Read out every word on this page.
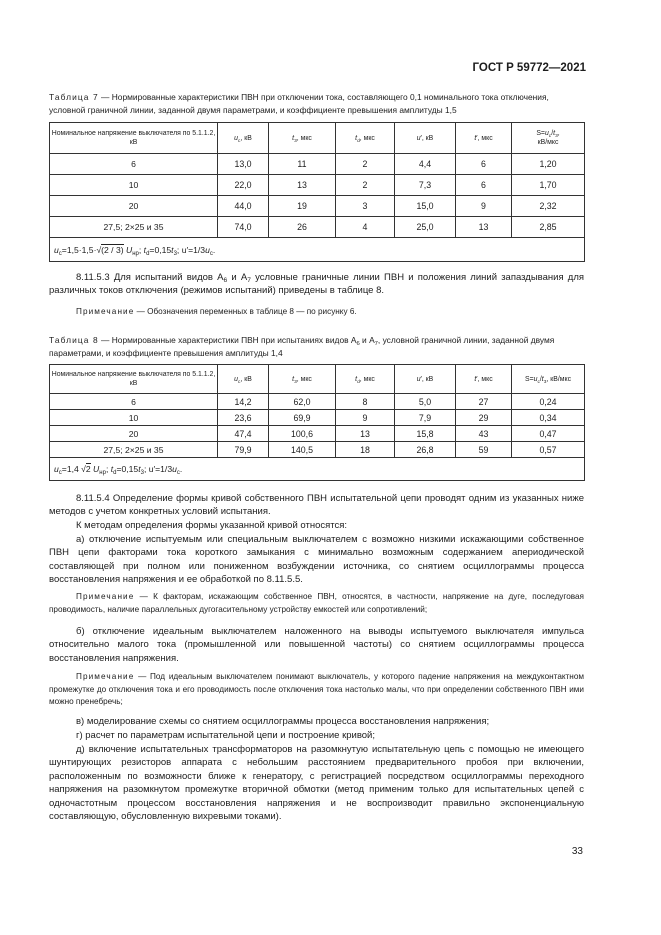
ГОСТ Р 59772—2021
Таблица 7 — Нормированные характеристики ПВН при отключении тока, составляющего 0,1 номинального тока отключения, условной граничной линии, заданной двумя параметрами, и коэффициенте превышения амплитуды 1,5
Номинальное напряжение выключателя по 5.1.1.2, кВ	$u_c$, кВ	$t_3$, мкс	$t_d$, мкс	u′, кВ	t′, мкс	$S=u_c/t_3$,
кВ/мкс
6	13,0	11	2	4,4	6	1,20
10	22,0	13	2	7,3	6	1,70
20	44,0	19	3	15,0	9	2,32
27,5; 2×25 и 35	74,0	26	4	25,0	13	2,85
$u_c=1,5\cdot 1,5\cdot√(2 / 3)$ $U_{нр}$; $t_d=0,15t_3$; $u'=1/3u_c$.						
8.11.5.3 Для испытаний видов $A_6$ и $A_7$ условные граничные линии ПВН и положения линий запаздывания для различных токов отключения (режимов испытаний) приведены в таблице 8.
Примечание — Обозначения переменных в таблице 8 — по рисунку 6.
Таблица 8 — Нормированные характеристики ПВН при испытаниях видов $A_6$ и $A_7$, условной граничной линии, заданной двумя параметрами, и коэффициенте превышения амплитуды 1,4
Номинальное напряжение выключателя по 5.1.1.2, кВ	$u_c$, кВ	$t_3$, мкс	$t_d$, мкс	u′, кВ	t′, мкс	$S=u_c/t_3$, кВ/мкс
6	14,2	62,0	8	5,0	27	0,24
10	23,6	69,9	9	7,9	29	0,34
20	47,4	100,6	13	15,8	43	0,47
27,5; 2×25 и 35	79,9	140,5	18	26,8	59	0,57
$u_c=1,4$ √2 $U_{нр}$; $t_d=0,15t_3$; $u'=1/3u_c$.						
8.11.5.4 Определение формы кривой собственного ПВН испытательной цепи проводят одним из указанных ниже методов с учетом конкретных условий испытания.
К методам определения формы указанной кривой относятся:
а) отключение испытуемым или специальным выключателем с возможно низкими искажающими собственное ПВН цепи факторами тока короткого замыкания с минимально возможным содержанием апериодической составляющей при полном или пониженном возбуждении источника, со снятием осциллограммы процесса восстановления напряжения и ее обработкой по 8.11.5.5.
Примечание — К факторам, искажающим собственное ПВН, относятся, в частности, напряжение на дуге, последуговая проводимость, наличие параллельных дугогасительному устройству емкостей или сопротивлений;
б) отключение идеальным выключателем наложенного на выводы испытуемого выключателя импульса относительно малого тока (промышленной или повышенной частоты) со снятием осциллограммы процесса восстановления напряжения.
Примечание — Под идеальным выключателем понимают выключатель, у которого падение напряжения на междуконтактном промежутке до отключения тока и его проводимость после отключения тока настолько малы, что при определении собственного ПВН ими можно пренебречь;
в) моделирование схемы со снятием осциллограммы процесса восстановления напряжения;
г) расчет по параметрам испытательной цепи и построение кривой;
д) включение испытательных трансформаторов на разомкнутую испытательную цепь с помощью не имеющего шунтирующих резисторов аппарата с небольшим расстоянием предварительного пробоя при включении, расположенным по возможности ближе к генератору, с регистрацией посредством осциллограммы переходного напряжения на разомкнутом промежутке вторичной обмотки (метод применим только для испытательных цепей с одночастотным процессом восстановления напряжения и не воспроизводит правильно экспоненциальную составляющую, обусловленную вихревыми токами).
33
